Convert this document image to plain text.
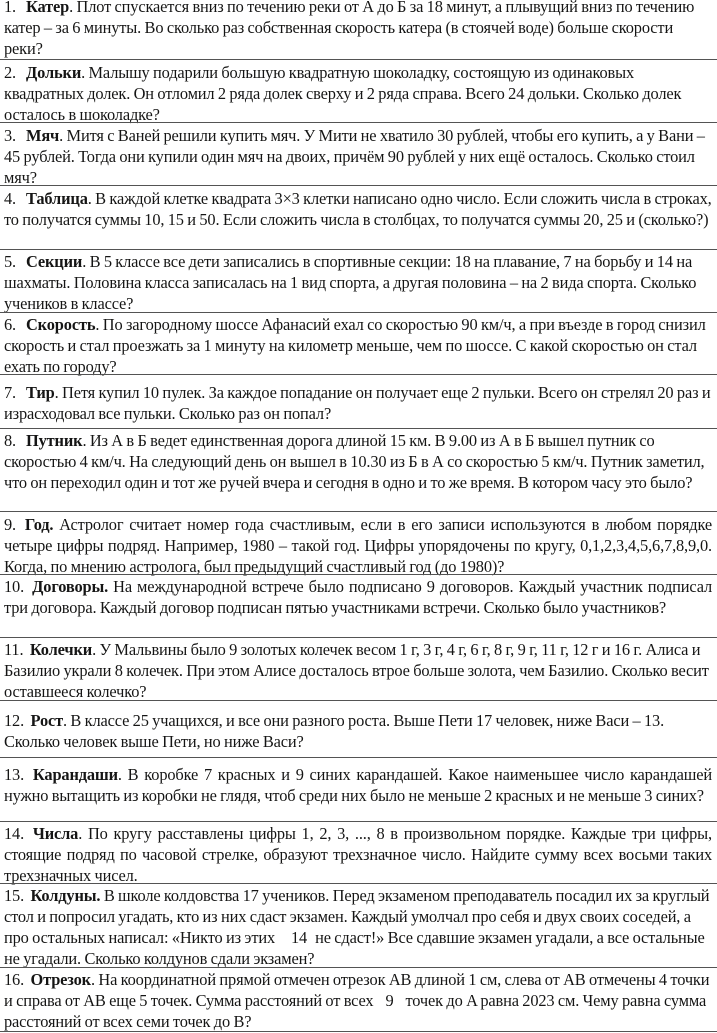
1. Катер. Плот спускается вниз по течению реки от А до Б за 18 минут, а плывущий вниз по течению катер – за 6 минуты. Во сколько раз собственная скорость катера (в стоячей воде) больше скорости реки?
2. Дольки. Малышу подарили большую квадратную шоколадку, состоящую из одинаковых квадратных долек. Он отломил 2 ряда долек сверху и 2 ряда справа. Всего 24 дольки. Сколько долек осталось в шоколадке?
3. Мяч. Митя с Ваней решили купить мяч. У Мити не хватило 30 рублей, чтобы его купить, а у Вани – 45 рублей. Тогда они купили один мяч на двоих, причём 90 рублей у них ещё осталось. Сколько стоил мяч?
4. Таблица. В каждой клетке квадрата 3×3 клетки написано одно число. Если сложить числа в строках, то получатся суммы 10, 15 и 50. Если сложить числа в столбцах, то получатся суммы 20, 25 и (сколько?)
5. Секции. В 5 классе все дети записались в спортивные секции: 18 на плавание, 7 на борьбу и 14 на шахматы. Половина класса записалась на 1 вид спорта, а другая половина – на 2 вида спорта. Сколько учеников в классе?
6. Скорость. По загородному шоссе Афанасий ехал со скоростью 90 км/ч, а при въезде в город снизил скорость и стал проезжать за 1 минуту на километр меньше, чем по шоссе. С какой скоростью он стал ехать по городу?
7. Тир. Петя купил 10 пулек. За каждое попадание он получает еще 2 пульки. Всего он стрелял 20 раз и израсходовал все пульки. Сколько раз он попал?
8. Путник. Из А в Б ведет единственная дорога длиной 15 км. В 9.00 из А в Б вышел путник со скоростью 4 км/ч. На следующий день он вышел в 10.30 из Б в А со скоростью 5 км/ч. Путник заметил, что он переходил один и тот же ручей вчера и сегодня в одно и то же время. В котором часу это было?
9. Год. Астролог считает номер года счастливым, если в его записи используются в любом порядке четыре цифры подряд. Например, 1980 – такой год. Цифры упорядочены по кругу, 0,1,2,3,4,5,6,7,8,9,0. Когда, по мнению астролога, был предыдущий счастливый год (до 1980)?
10. Договоры. На международной встрече было подписано 9 договоров. Каждый участник подписал три договора. Каждый договор подписан пятью участниками встречи. Сколько было участников?
11. Колечки. У Мальвины было 9 золотых колечек весом 1 г, 3 г, 4 г, 6 г, 8 г, 9 г, 11 г, 12 г и 16 г. Алиса и Базилио украли 8 колечек. При этом Алисе досталось втрое больше золота, чем Базилио. Сколько весит оставшееся колечко?
12. Рост. В классе 25 учащихся, и все они разного роста. Выше Пети 17 человек, ниже Васи – 13. Сколько человек выше Пети, но ниже Васи?
13. Карандаши. В коробке 7 красных и 9 синих карандашей. Какое наименьшее число карандашей нужно вытащить из коробки не глядя, чтоб среди них было не меньше 2 красных и не меньше 3 синих?
14. Числа. По кругу расставлены цифры 1, 2, 3, ..., 8 в произвольном порядке. Каждые три цифры, стоящие подряд по часовой стрелке, образуют трехзначное число. Найдите сумму всех восьми таких трехзначных чисел.
15. Колдуны. В школе колдовства 17 учеников. Перед экзаменом преподаватель посадил их за круглый стол и попросил угадать, кто из них сдаст экзамен. Каждый умолчал про себя и двух своих соседей, а про остальных написал: «Никто из этих 14 не сдаст!» Все сдавшие экзамен угадали, а все остальные не угадали. Сколько колдунов сдали экзамен?
16. Отрезок. На координатной прямой отмечен отрезок AB длиной 1 см, слева от AB отмечены 4 точки и справа от AB еще 5 точек. Сумма расстояний от всех 9 точек до A равна 2023 см. Чему равна сумма расстояний от всех семи точек до B?
